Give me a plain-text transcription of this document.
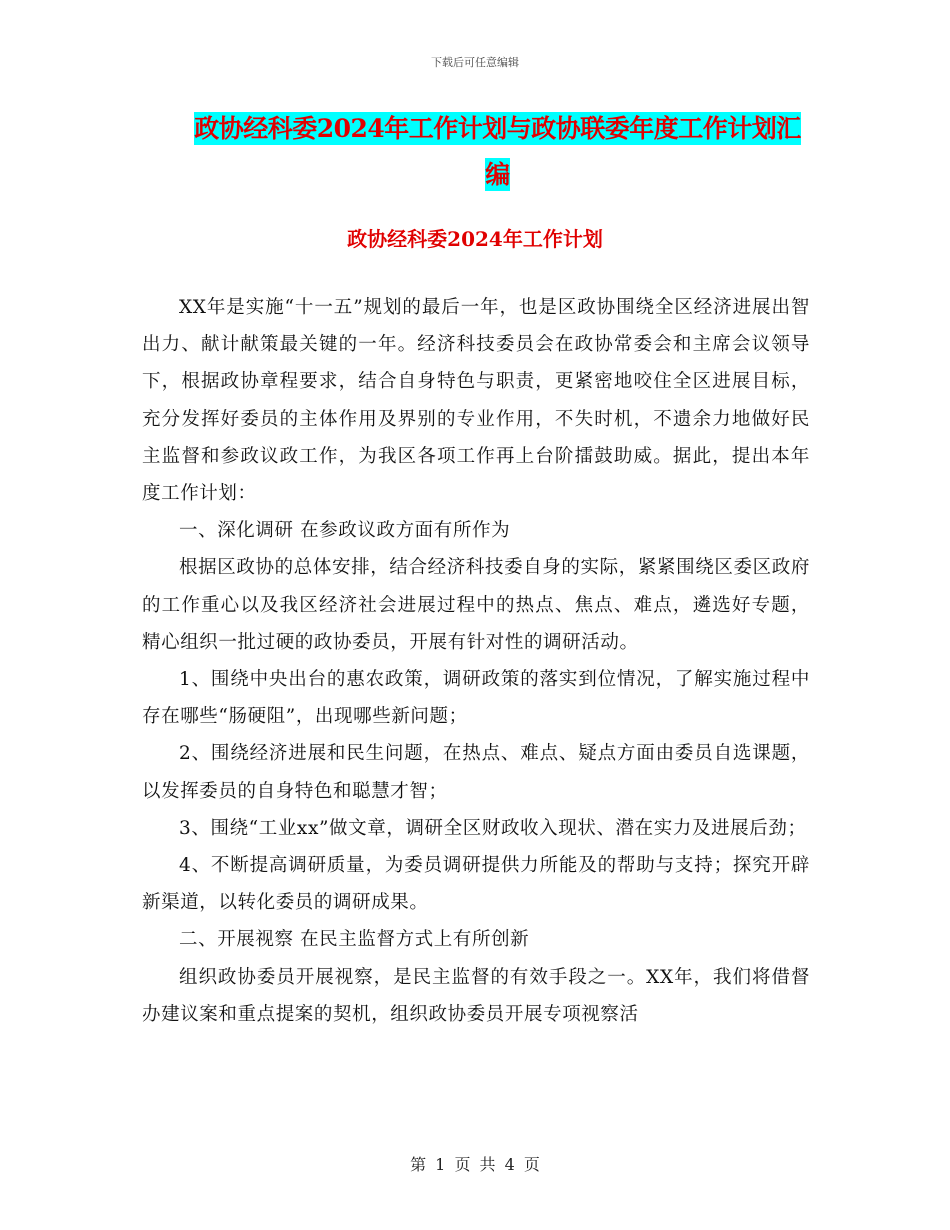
下载后可任意编辑
政协经科委2024年工作计划与政协联委年度工作计划汇编
政协经科委2024年工作计划

XX年是实施“十一五”规划的最后一年，也是区政协围绕全区经济进展出智出力、献计献策最关键的一年。经济科技委员会在政协常委会和主席会议领导下，根据政协章程要求，结合自身特色与职责，更紧密地咬住全区进展目标，充分发挥好委员的主体作用及界别的专业作用，不失时机，不遗余力地做好民主监督和参政议政工作，为我区各项工作再上台阶擂鼓助威。据此，提出本年度工作计划：

一、深化调研 在参政议政方面有所作为

根据区政协的总体安排，结合经济科技委自身的实际，紧紧围绕区委区政府的工作重心以及我区经济社会进展过程中的热点、焦点、难点，遴选好专题，精心组织一批过硬的政协委员，开展有针对性的调研活动。

1、围绕中央出台的惠农政策，调研政策的落实到位情况，了解实施过程中存在哪些“肠硬阻”，出现哪些新问题；

2、围绕经济进展和民生问题，在热点、难点、疑点方面由委员自选课题，以发挥委员的自身特色和聪慧才智；

3、围绕“工业xx”做文章，调研全区财政收入现状、潜在实力及进展后劲；

4、不断提高调研质量，为委员调研提供力所能及的帮助与支持；探究开辟新渠道，以转化委员的调研成果。

二、开展视察 在民主监督方式上有所创新

组织政协委员开展视察，是民主监督的有效手段之一。XX年，我们将借督办建议案和重点提案的契机，组织政协委员开展专项视察活

第 1 页 共 4 页
